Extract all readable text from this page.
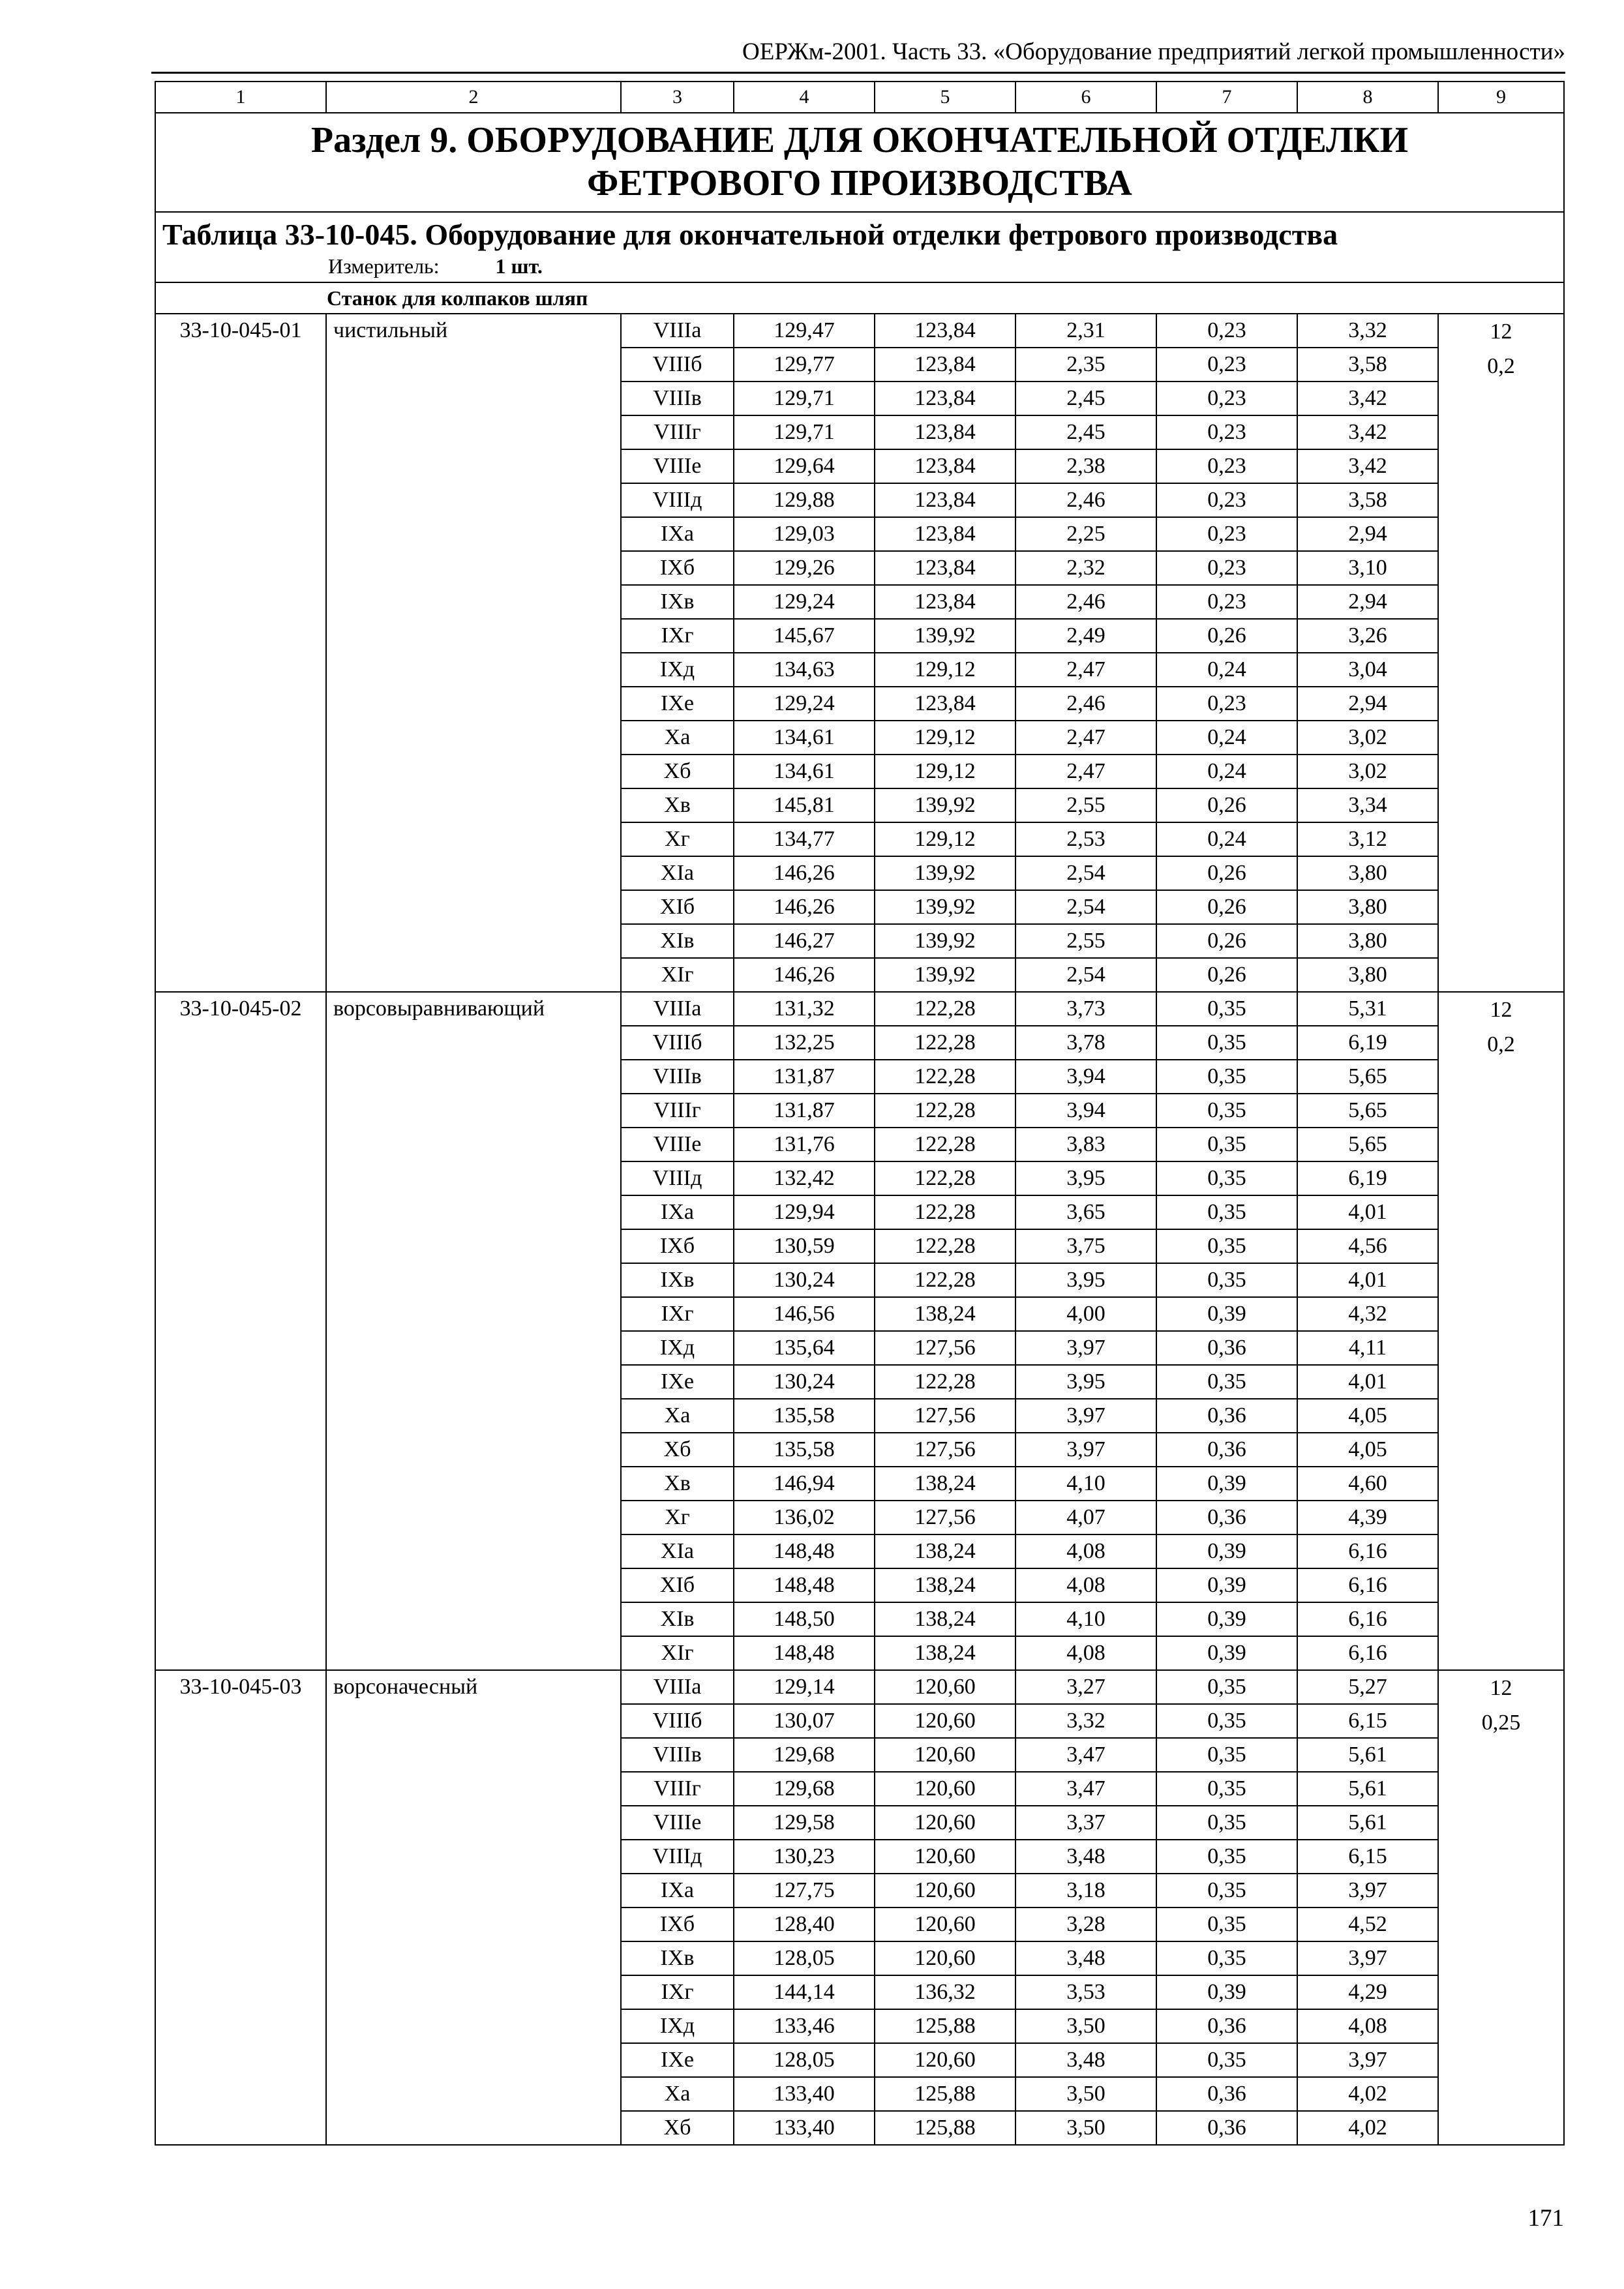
ОЕРЖм-2001. Часть 33. «Оборудование предприятий легкой промышленности»
1	2	3	4	5	6	7	8	9

Раздел 9. ОБОРУДОВАНИЕ ДЛЯ ОКОНЧАТЕЛЬНОЙ ОТДЕЛКИ
ФЕТРОВОГО ПРОИЗВОДСТВА								

Таблица 33-10-045. Оборудование для окончательной отделки фетрового производства
Измеритель: 1 шт.								

Станок для колпаков шляп								
33-10-045-01	чистильный	VIIIа	129,47	123,84	2,31	0,23	3,32	12
0,2

		VIIIб	129,77	123,84	2,35	0,23	3,58	
		VIIIв	129,71	123,84	2,45	0,23	3,42	
		VIIIг	129,71	123,84	2,45	0,23	3,42	
		VIIIе	129,64	123,84	2,38	0,23	3,42	
		VIIIд	129,88	123,84	2,46	0,23	3,58	
		IXа	129,03	123,84	2,25	0,23	2,94	
		IXб	129,26	123,84	2,32	0,23	3,10	
		IXв	129,24	123,84	2,46	0,23	2,94	
		IXг	145,67	139,92	2,49	0,26	3,26	
		IXд	134,63	129,12	2,47	0,24	3,04	
		IXе	129,24	123,84	2,46	0,23	2,94	
		Xа	134,61	129,12	2,47	0,24	3,02	
		Xб	134,61	129,12	2,47	0,24	3,02	
		Xв	145,81	139,92	2,55	0,26	3,34	
		Xг	134,77	129,12	2,53	0,24	3,12	
		XIа	146,26	139,92	2,54	0,26	3,80	
		XIб	146,26	139,92	2,54	0,26	3,80	
		XIв	146,27	139,92	2,55	0,26	3,80	
		XIг	146,26	139,92	2,54	0,26	3,80	
33-10-045-02	ворсовыравнивающий	VIIIа	131,32	122,28	3,73	0,35	5,31	12
0,2

		VIIIб	132,25	122,28	3,78	0,35	6,19	
		VIIIв	131,87	122,28	3,94	0,35	5,65	
		VIIIг	131,87	122,28	3,94	0,35	5,65	
		VIIIе	131,76	122,28	3,83	0,35	5,65	
		VIIIд	132,42	122,28	3,95	0,35	6,19	
		IXа	129,94	122,28	3,65	0,35	4,01	
		IXб	130,59	122,28	3,75	0,35	4,56	
		IXв	130,24	122,28	3,95	0,35	4,01	
		IXг	146,56	138,24	4,00	0,39	4,32	
		IXд	135,64	127,56	3,97	0,36	4,11	
		IXе	130,24	122,28	3,95	0,35	4,01	
		Xа	135,58	127,56	3,97	0,36	4,05	
		Xб	135,58	127,56	3,97	0,36	4,05	
		Xв	146,94	138,24	4,10	0,39	4,60	
		Xг	136,02	127,56	4,07	0,36	4,39	
		XIа	148,48	138,24	4,08	0,39	6,16	
		XIб	148,48	138,24	4,08	0,39	6,16	
		XIв	148,50	138,24	4,10	0,39	6,16	
		XIг	148,48	138,24	4,08	0,39	6,16	
33-10-045-03	ворсоначесный	VIIIа	129,14	120,60	3,27	0,35	5,27	12
0,25

		VIIIб	130,07	120,60	3,32	0,35	6,15	
		VIIIв	129,68	120,60	3,47	0,35	5,61	
		VIIIг	129,68	120,60	3,47	0,35	5,61	
		VIIIе	129,58	120,60	3,37	0,35	5,61	
		VIIIд	130,23	120,60	3,48	0,35	6,15	
		IXа	127,75	120,60	3,18	0,35	3,97	
		IXб	128,40	120,60	3,28	0,35	4,52	
		IXв	128,05	120,60	3,48	0,35	3,97	
		IXг	144,14	136,32	3,53	0,39	4,29	
		IXд	133,46	125,88	3,50	0,36	4,08	
		IXе	128,05	120,60	3,48	0,35	3,97	
		Xа	133,40	125,88	3,50	0,36	4,02	
		Xб	133,40	125,88	3,50	0,36	4,02	
171
